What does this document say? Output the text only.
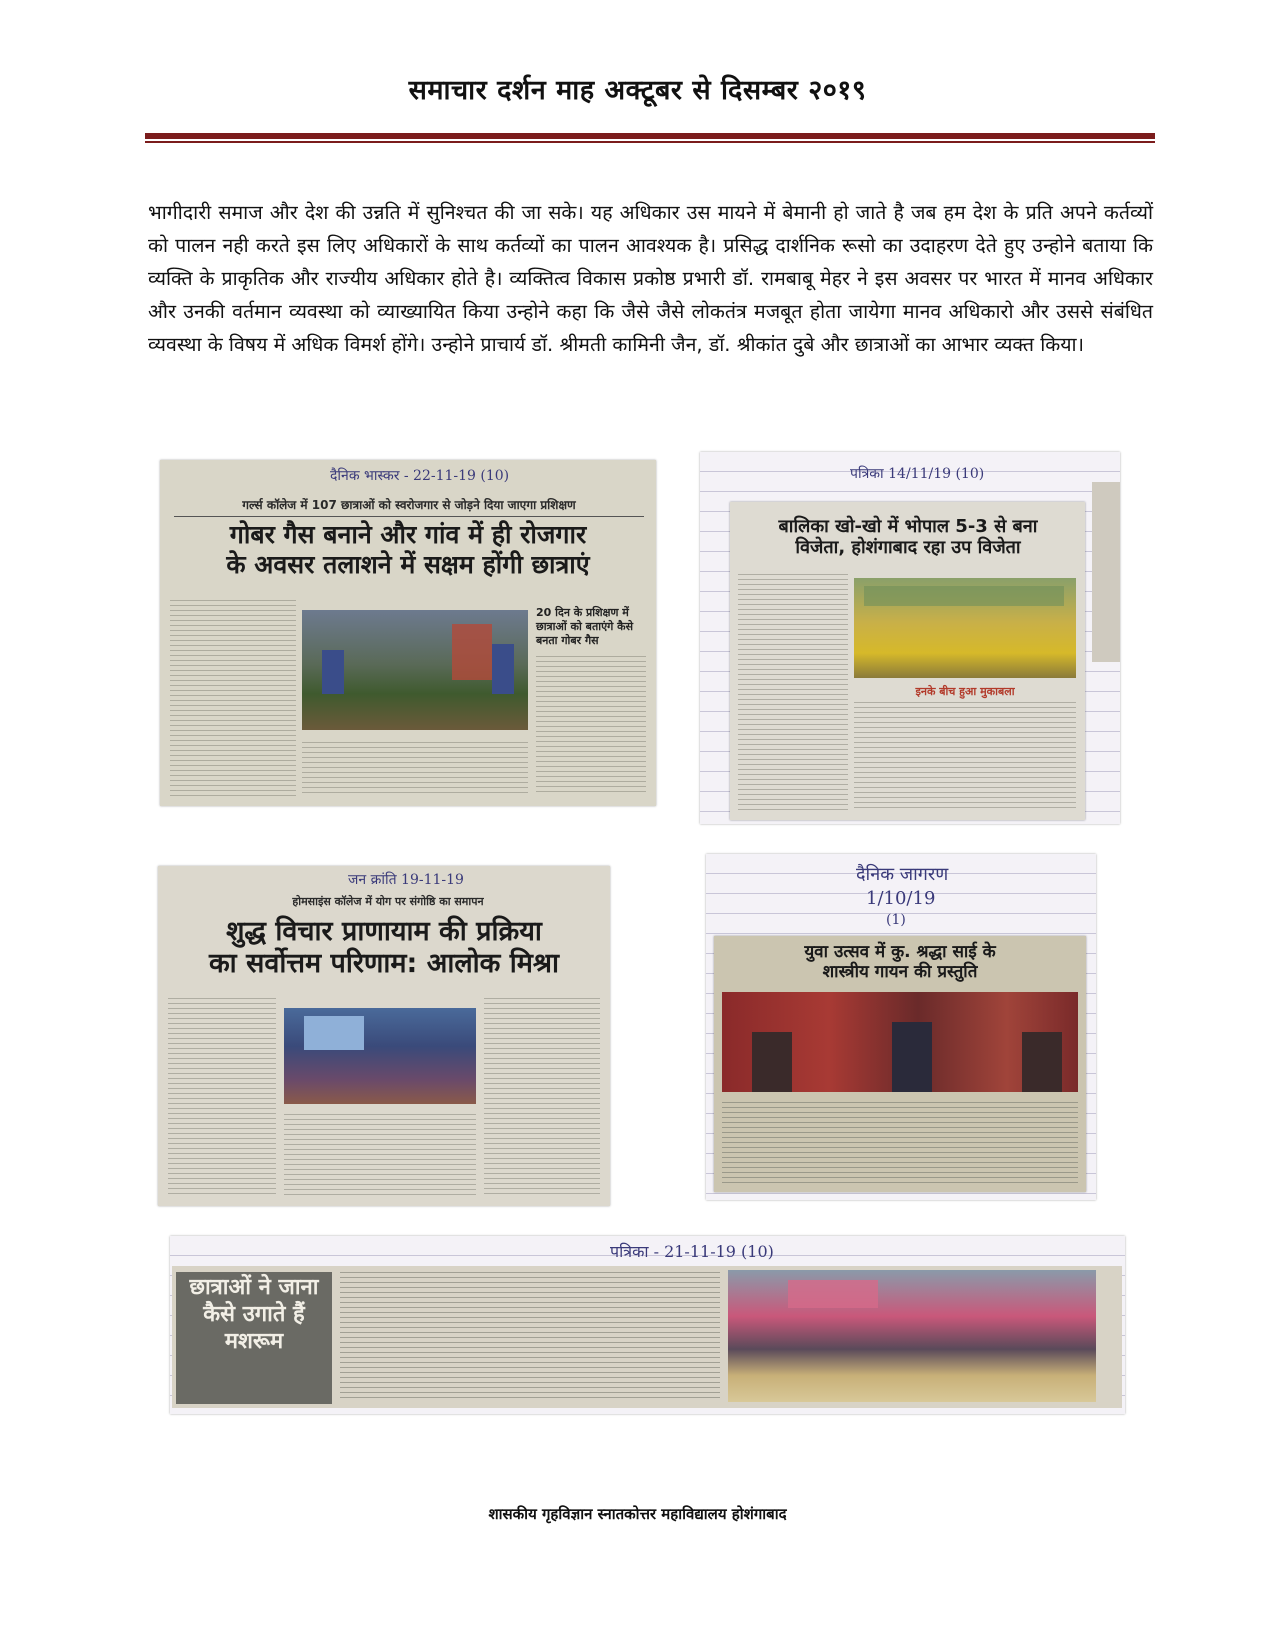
समाचार दर्शन माह अक्टूबर से दिसम्बर २०१९

भागीदारी समाज और देश की उन्नति में सुनिश्चत की जा सके। यह अधिकार उस मायने में बेमानी हो जाते है जब हम देश के प्रति अपने कर्तव्यों को पालन नही करते इस लिए अधिकारों के साथ कर्तव्यों का पालन आवश्यक है। प्रसिद्ध दार्शनिक रूसो का उदाहरण देते हुए उन्होने बताया कि व्यक्ति के प्राकृतिक और राज्यीय अधिकार होते है। व्यक्तित्व विकास प्रकोष्ठ प्रभारी डॉ. रामबाबू मेहर ने इस अवसर पर भारत में मानव अधिकार और उनकी वर्तमान व्यवस्था को व्याख्यायित किया उन्होने कहा कि जैसे जैसे लोकतंत्र मजबूत होता जायेगा मानव अधिकारो और उससे संबंधित व्यवस्था के विषय में अधिक विमर्श होंगे। उन्होने प्राचार्य डॉ. श्रीमती कामिनी जैन, डॉ. श्रीकांत दुबे और छात्राओं का आभार व्यक्त किया।

दैनिक भास्कर - 22-11-19 (10)
गर्ल्स कॉलेज में 107 छात्राओं को स्वरोजगार से जोड़ने दिया जाएगा प्रशिक्षण
गोबर गैस बनाने और गांव में ही रोजगार
के अवसर तलाशने में सक्षम होंगी छात्राएं
20 दिन के प्रशिक्षण में छात्राओं को बताएंगे कैसे बनता गोबर गैस
पत्रिका 14/11/19 (10)
बालिका खो-खो में भोपाल 5-3 से बना
विजेता, होशंगाबाद रहा उप विजेता
इनके बीच हुआ मुकाबला
जन क्रांति 19-11-19
होमसाइंस कॉलेज में योग पर संगोष्ठि का समापन
शुद्ध विचार प्राणायाम की प्रक्रिया
का सर्वोत्तम परिणाम: आलोक मिश्रा
दैनिक जागरण
1/10/19
(1)
युवा उत्सव में कु. श्रद्धा साई के
शास्त्रीय गायन की प्रस्तुति
पत्रिका - 21-11-19 (10)
छात्राओं ने जाना कैसे उगाते हैं मशरूम
शासकीय गृहविज्ञान स्नातकोत्तर महाविद्यालय होशंगाबाद
